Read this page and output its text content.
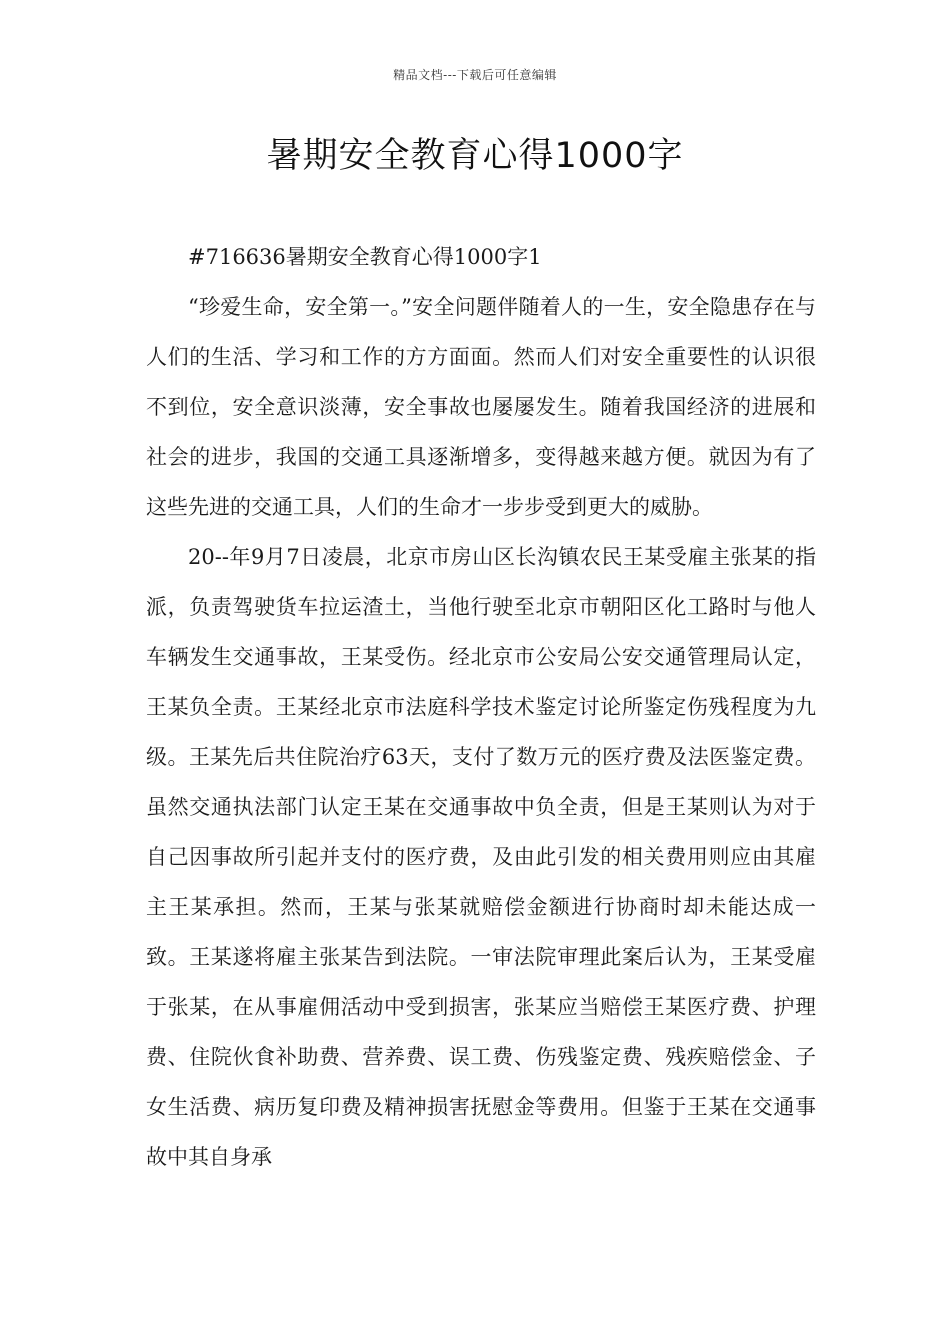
精品文档---下载后可任意编辑
暑期安全教育心得1000字

#716636暑期安全教育心得1000字1

“珍爱生命，安全第一。”安全问题伴随着人的一生，安全隐患存在与人们的生活、学习和工作的方方面面。然而人们对安全重要性的认识很不到位，安全意识淡薄，安全事故也屡屡发生。随着我国经济的进展和社会的进步，我国的交通工具逐渐增多，变得越来越方便。就因为有了这些先进的交通工具，人们的生命才一步步受到更大的威胁。

20--年9月7日凌晨，北京市房山区长沟镇农民王某受雇主张某的指派，负责驾驶货车拉运渣土，当他行驶至北京市朝阳区化工路时与他人车辆发生交通事故，王某受伤。经北京市公安局公安交通管理局认定，王某负全责。王某经北京市法庭科学技术鉴定讨论所鉴定伤残程度为九级。王某先后共住院治疗63天，支付了数万元的医疗费及法医鉴定费。虽然交通执法部门认定王某在交通事故中负全责，但是王某则认为对于自己因事故所引起并支付的医疗费，及由此引发的相关费用则应由其雇主王某承担。然而，王某与张某就赔偿金额进行协商时却未能达成一致。王某遂将雇主张某告到法院。一审法院审理此案后认为，王某受雇于张某，在从事雇佣活动中受到损害，张某应当赔偿王某医疗费、护理费、住院伙食补助费、营养费、误工费、伤残鉴定费、残疾赔偿金、子女生活费、病历复印费及精神损害抚慰金等费用。但鉴于王某在交通事故中其自身承
